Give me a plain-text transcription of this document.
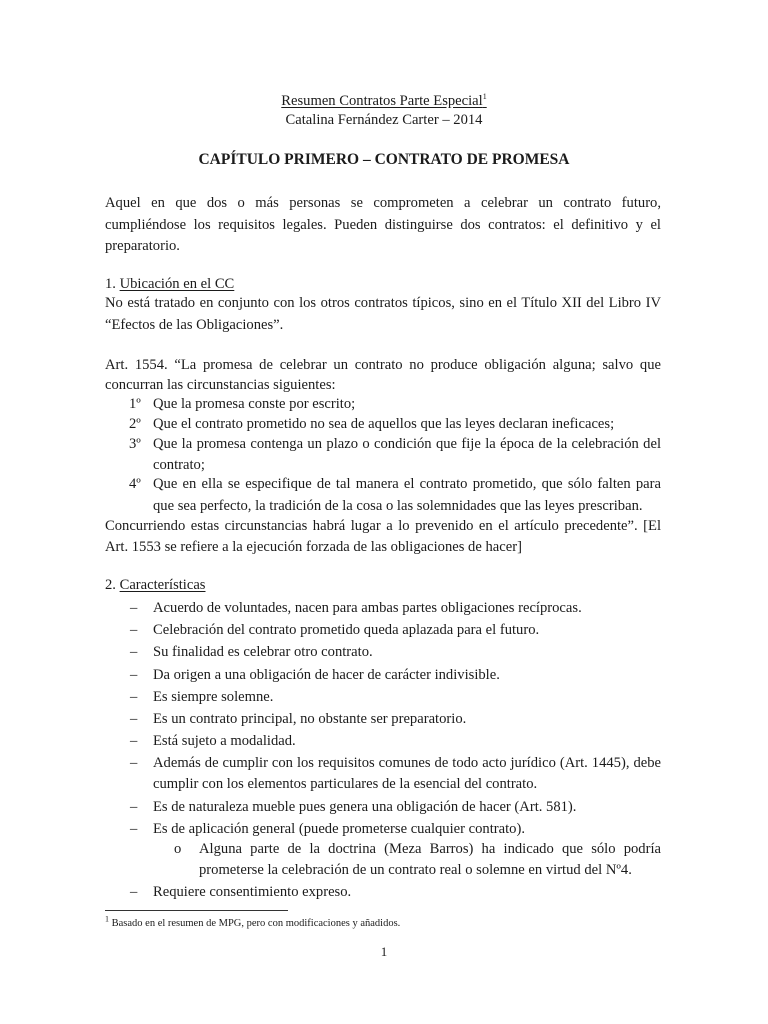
Resumen Contratos Parte Especial$^1$
Catalina Fernández Carter – 2014
CAPÍTULO PRIMERO – CONTRATO DE PROMESA
Aquel en que dos o más personas se comprometen a celebrar un contrato futuro,
cumpliéndose los requisitos legales. Pueden distinguirse dos contratos: el definitivo y el
preparatorio.
1. Ubicación en el CC
No está tratado en conjunto con los otros contratos típicos, sino en el Título XII del Libro IV
“Efectos de las Obligaciones”.
Art. 1554. “La promesa de celebrar un contrato no produce obligación alguna; salvo que
concurran las circunstancias siguientes:
1º Que la promesa conste por escrito;
2º Que el contrato prometido no sea de aquellos que las leyes declaran ineficaces;
3º Que la promesa contenga un plazo o condición que fije la época de la celebración del
contrato;
4º Que en ella se especifique de tal manera el contrato prometido, que sólo falten para
que sea perfecto, la tradición de la cosa o las solemnidades que las leyes prescriban.
Concurriendo estas circunstancias habrá lugar a lo prevenido en el artículo precedente”. [El
Art. 1553 se refiere a la ejecución forzada de las obligaciones de hacer]
2. Características
– Acuerdo de voluntades, nacen para ambas partes obligaciones recíprocas.
– Celebración del contrato prometido queda aplazada para el futuro.
– Su finalidad es celebrar otro contrato.
– Da origen a una obligación de hacer de carácter indivisible.
– Es siempre solemne.
– Es un contrato principal, no obstante ser preparatorio.
– Está sujeto a modalidad.
– Además de cumplir con los requisitos comunes de todo acto jurídico (Art. 1445), debe
cumplir con los elementos particulares de la esencial del contrato.
– Es de naturaleza mueble pues genera una obligación de hacer (Art. 581).
– Es de aplicación general (puede prometerse cualquier contrato).
o Alguna parte de la doctrina (Meza Barros) ha indicado que sólo podría
prometerse la celebración de un contrato real o solemne en virtud del Nº4.
– Requiere consentimiento expreso.
$^1$ Basado en el resumen de MPG, pero con modificaciones y añadidos.
1
